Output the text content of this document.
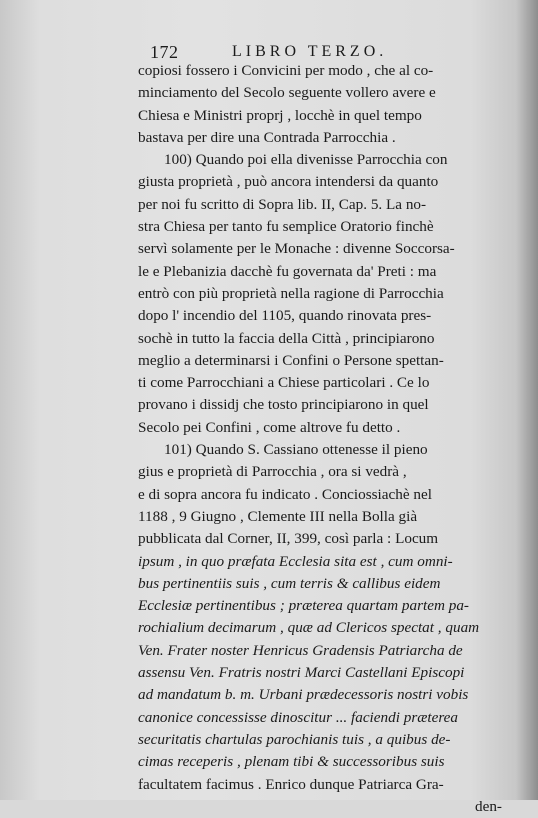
172	LIBRO TERZO.
copiosi fossero i Convicini per modo , che al co-
minciamento del Secolo seguente vollero avere e
Chiesa e Ministri proprj , locchè in quel tempo
bastava per dire una Contrada Parrocchia .
100) Quando poi ella divenisse Parrocchia con
giusta proprietà , può ancora intendersi da quanto
per noi fu scritto di Sopra lib. II, Cap. 5. La no-
stra Chiesa per tanto fu semplice Oratorio finchè
servì solamente per le Monache : divenne Soccorsa-
le e Plebanizia dacchè fu governata da' Preti : ma
entrò con più proprietà nella ragione di Parrocchia
dopo l' incendio del 1105, quando rinovata pres-
sochè in tutto la faccia della Città , principiarono
meglio a determinarsi i Confini o Persone spettan-
ti come Parrocchiani a Chiese particolari . Ce lo
provano i dissidj che tosto principiarono in quel
Secolo pei Confini , come altrove fu detto .
101) Quando S. Cassiano ottenesse il pieno
gius e proprietà di Parrocchia , ora si vedrà ,
e di sopra ancora fu indicato . Conciossiachè nel
1188 , 9 Giugno , Clemente III nella Bolla già
pubblicata dal Corner, II, 399, così parla : Locum
ipsum , in quo præfata Ecclesia sita est , cum omni-
bus pertinentiis suis , cum terris & callibus eidem
Ecclesiæ pertinentibus ; præterea quartam partem pa-
rochialium decimarum , quæ ad Clericos spectat , quam
Ven. Frater noster Henricus Gradensis Patriarcha de
assensu Ven. Fratris nostri Marci Castellani Episcopi
ad mandatum b. m. Urbani prædecessoris nostri vobis
canonice concessisse dinoscitur ... faciendi præterea
securitatis chartulas parochianis tuis , a quibus de-
cimas receperis , plenam tibi & successoribus suis
facultatem facimus . Enrico dunque Patriarca Gra-
den-
